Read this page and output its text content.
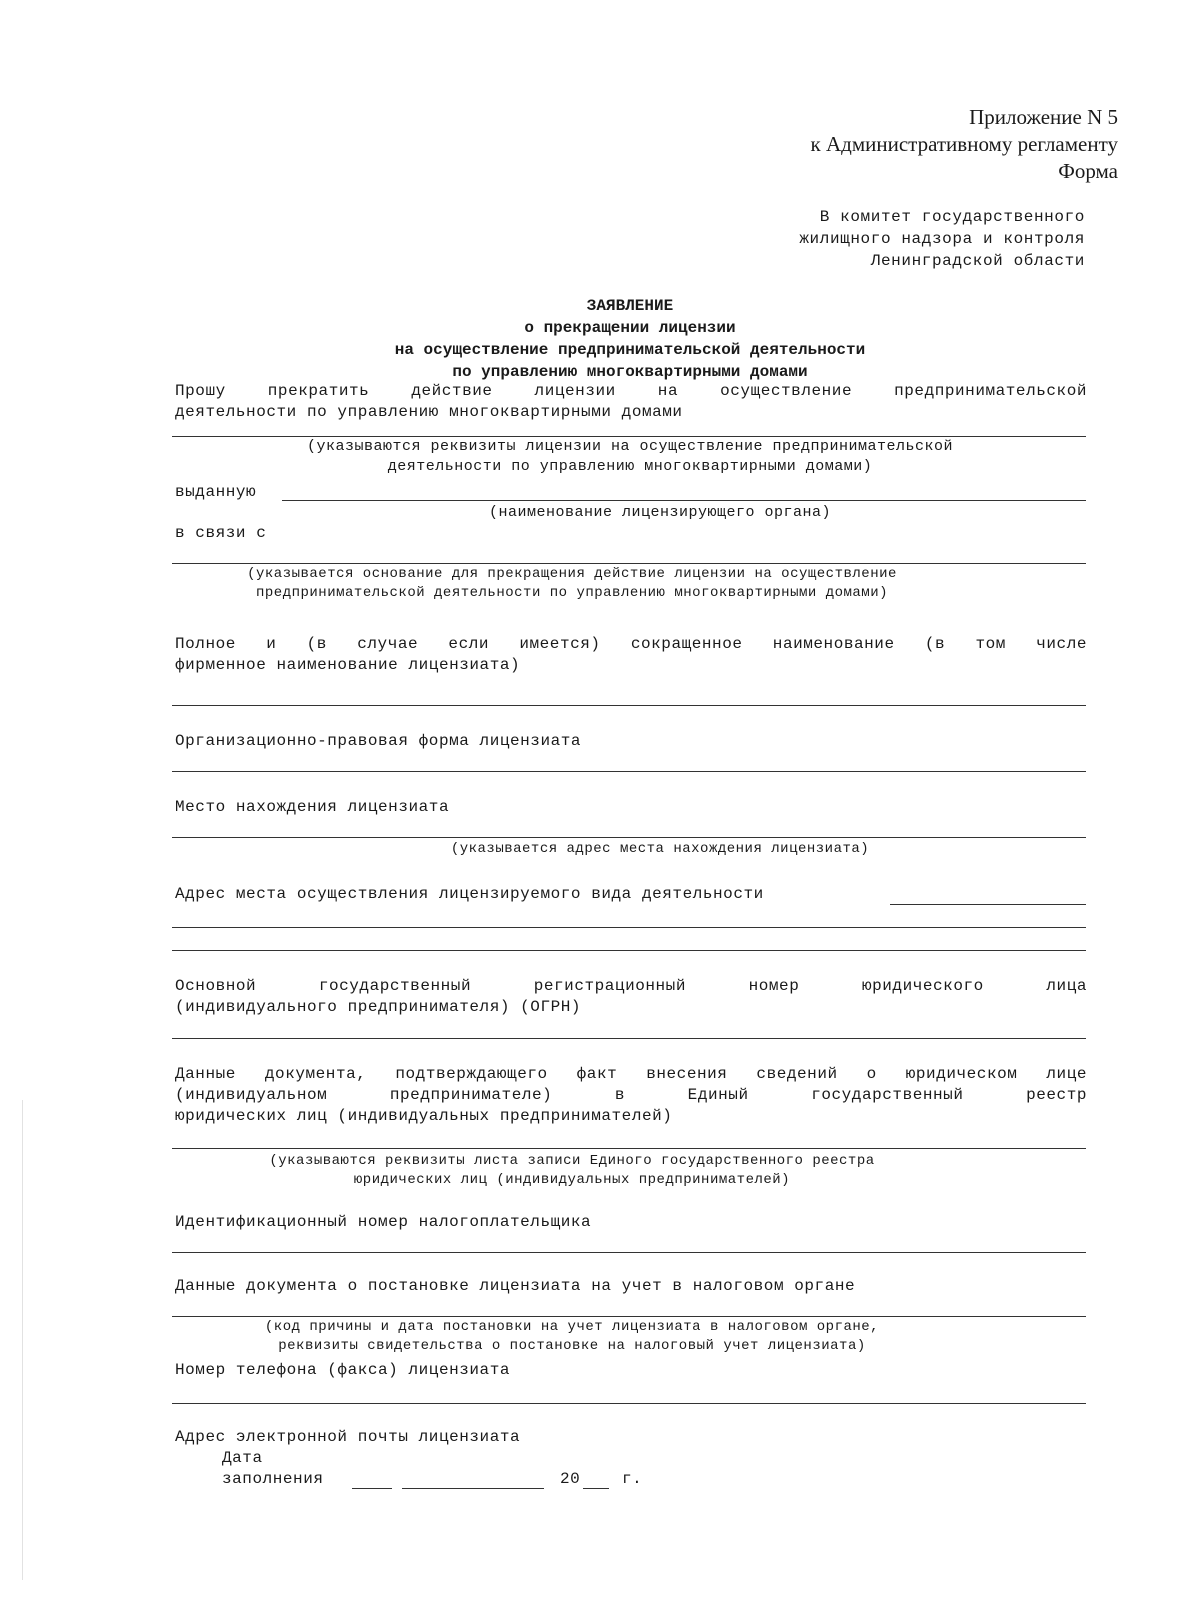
Приложение N 5
к Административному регламенту
Форма
В комитет государственного
жилищного надзора и контроля
Ленинградской области
ЗАЯВЛЕНИЕ
о прекращении лицензии
на осуществление предпринимательской деятельности
по управлению многоквартирными домами
Прошу прекратить действие лицензии на осуществление предпринимательской
деятельности по управлению многоквартирными домами
(указываются реквизиты лицензии на осуществление предпринимательской
деятельности по управлению многоквартирными домами)
выданную
(наименование лицензирующего органа)
в связи с
(указывается основание для прекращения действие лицензии на осуществление
предпринимательской деятельности по управлению многоквартирными домами)
Полное и (в случае если имеется) сокращенное наименование (в том числе
фирменное наименование лицензиата)
Организационно-правовая форма лицензиата
Место нахождения лицензиата
(указывается адрес места нахождения лицензиата)
Адрес места осуществления лицензируемого вида деятельности
Основной государственный регистрационный номер юридического лица
(индивидуального предпринимателя) (ОГРН)
Данные документа, подтверждающего факт внесения сведений о юридическом лице
(индивидуальном предпринимателе) в Единый государственный реестр
юридических лиц (индивидуальных предпринимателей)
(указываются реквизиты листа записи Единого государственного реестра
юридических лиц (индивидуальных предпринимателей)
Идентификационный номер налогоплательщика
Данные документа о постановке лицензиата на учет в налоговом органе
(код причины и дата постановки на учет лицензиата в налоговом органе,
реквизиты свидетельства о постановке на налоговый учет лицензиата)
Номер телефона (факса) лицензиата
Адрес электронной почты лицензиата
Дата
заполнения	20	г.
